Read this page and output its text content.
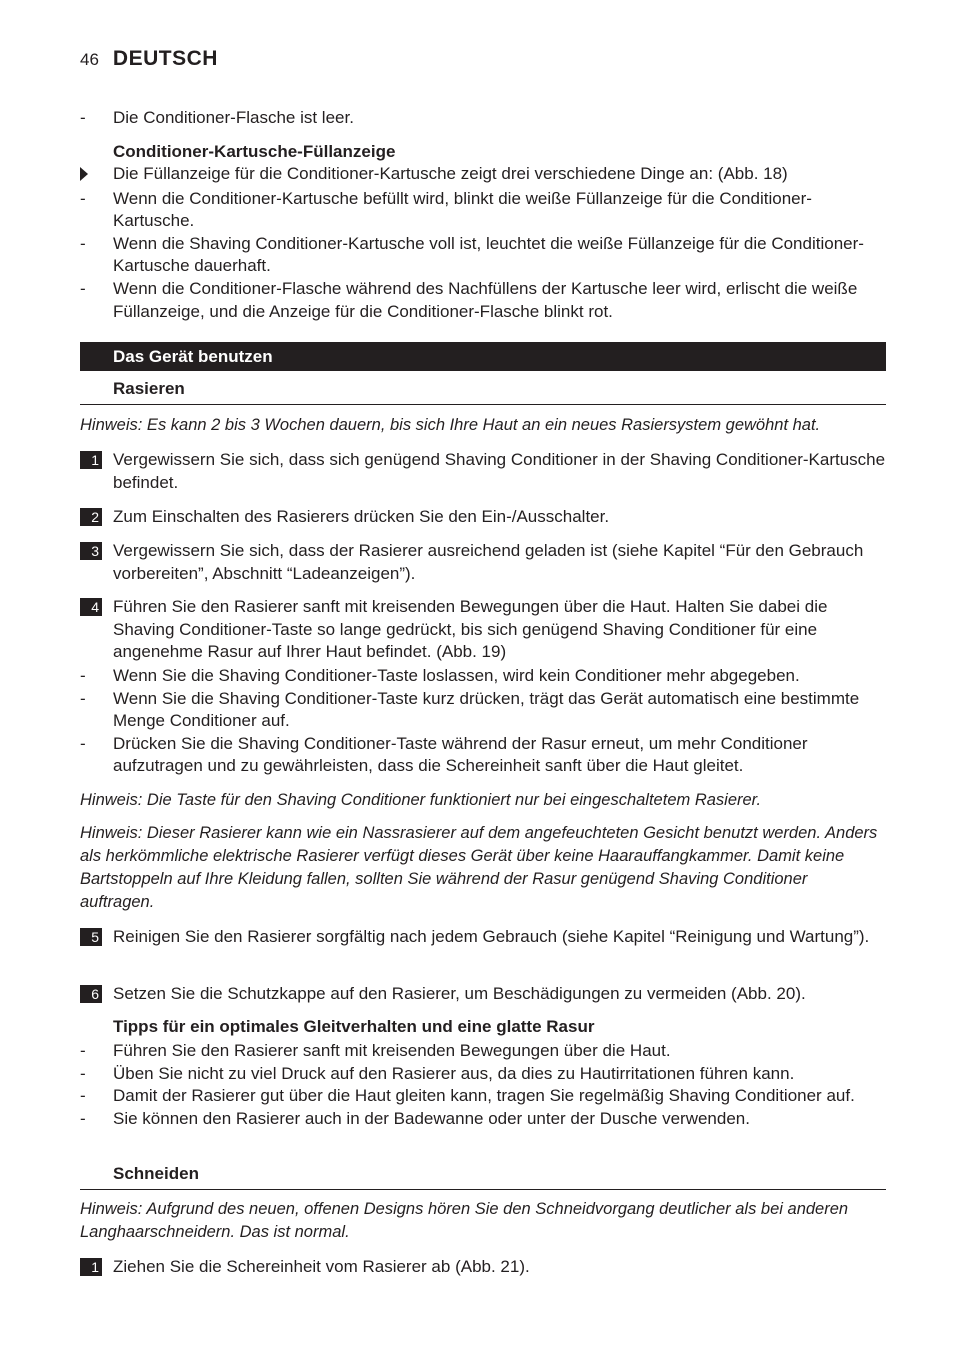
46 DEUTSCH
-	Die Conditioner-Flasche ist leer.
Conditioner-Kartusche-Füllanzeige
Die Füllanzeige für die Conditioner-Kartusche zeigt drei verschiedene Dinge an: (Abb. 18)
-	Wenn die Conditioner-Kartusche befüllt wird, blinkt die weiße Füllanzeige für die Conditioner-Kartusche.
-	Wenn die Shaving Conditioner-Kartusche voll ist, leuchtet die weiße Füllanzeige für die Conditioner-Kartusche dauerhaft.
-	Wenn die Conditioner-Flasche während des Nachfüllens der Kartusche leer wird, erlischt die weiße Füllanzeige, und die Anzeige für die Conditioner-Flasche blinkt rot.
Das Gerät benutzen
Rasieren
Hinweis: Es kann 2 bis 3 Wochen dauern, bis sich Ihre Haut an ein neues Rasiersystem gewöhnt hat.
1 Vergewissern Sie sich, dass sich genügend Shaving Conditioner in der Shaving Conditioner-Kartusche befindet.
2 Zum Einschalten des Rasierers drücken Sie den Ein-/Ausschalter.
3 Vergewissern Sie sich, dass der Rasierer ausreichend geladen ist (siehe Kapitel “Für den Gebrauch vorbereiten”, Abschnitt “Ladeanzeigen”).
4 Führen Sie den Rasierer sanft mit kreisenden Bewegungen über die Haut. Halten Sie dabei die Shaving Conditioner-Taste so lange gedrückt, bis sich genügend Shaving Conditioner für eine angenehme Rasur auf Ihrer Haut befindet. (Abb. 19)
-	Wenn Sie die Shaving Conditioner-Taste loslassen, wird kein Conditioner mehr abgegeben.
-	Wenn Sie die Shaving Conditioner-Taste kurz drücken, trägt das Gerät automatisch eine bestimmte Menge Conditioner auf.
-	Drücken Sie die Shaving Conditioner-Taste während der Rasur erneut, um mehr Conditioner aufzutragen und zu gewährleisten, dass die Schereinheit sanft über die Haut gleitet.
Hinweis: Die Taste für den Shaving Conditioner funktioniert nur bei eingeschaltetem Rasierer.
Hinweis: Dieser Rasierer kann wie ein Nassrasierer auf dem angefeuchteten Gesicht benutzt werden. Anders als herkömmliche elektrische Rasierer verfügt dieses Gerät über keine Haarauffangkammer. Damit keine Bartstoppeln auf Ihre Kleidung fallen, sollten Sie während der Rasur genügend Shaving Conditioner auftragen.
5 Reinigen Sie den Rasierer sorgfältig nach jedem Gebrauch (siehe Kapitel “Reinigung und Wartung”).
6 Setzen Sie die Schutzkappe auf den Rasierer, um Beschädigungen zu vermeiden (Abb. 20).
Tipps für ein optimales Gleitverhalten und eine glatte Rasur
-	Führen Sie den Rasierer sanft mit kreisenden Bewegungen über die Haut.
-	Üben Sie nicht zu viel Druck auf den Rasierer aus, da dies zu Hautirritationen führen kann.
-	Damit der Rasierer gut über die Haut gleiten kann, tragen Sie regelmäßig Shaving Conditioner auf.
-	Sie können den Rasierer auch in der Badewanne oder unter der Dusche verwenden.
Schneiden
Hinweis: Aufgrund des neuen, offenen Designs hören Sie den Schneidvorgang deutlicher als bei anderen Langhaarschneidern. Das ist normal.
1 Ziehen Sie die Schereinheit vom Rasierer ab (Abb. 21).
